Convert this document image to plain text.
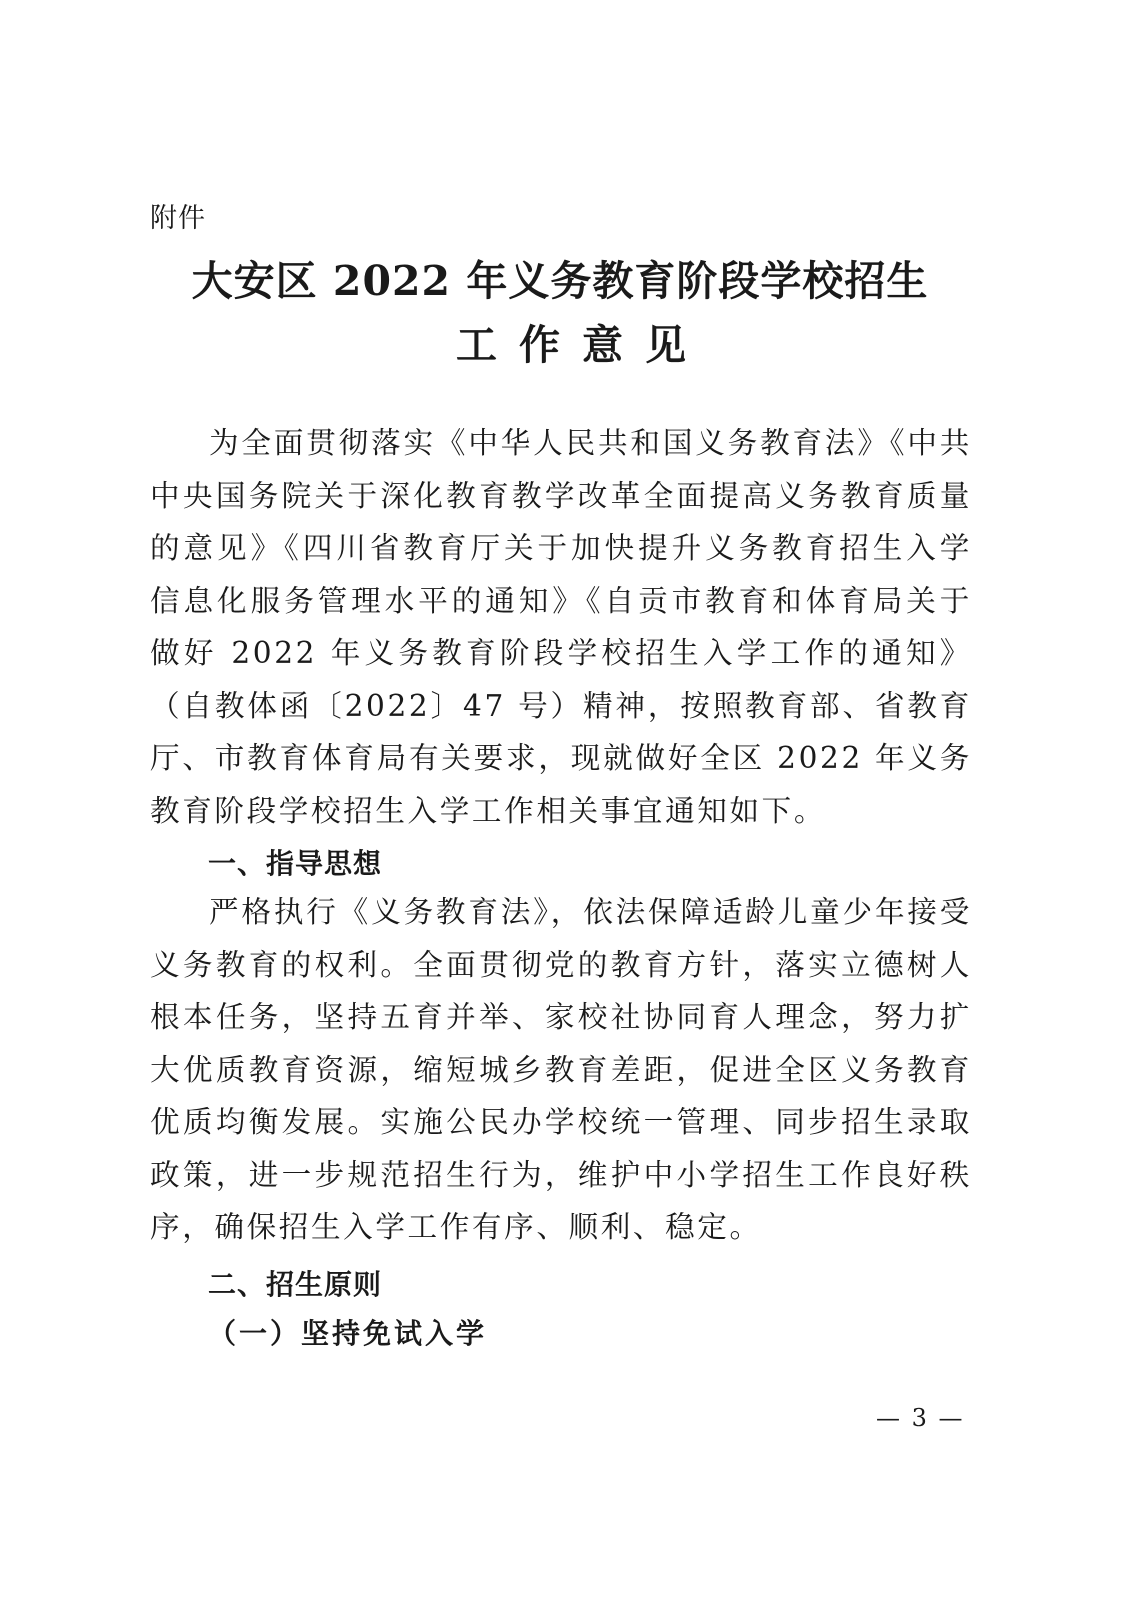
附件
大安区 2022 年义务教育阶段学校招生
工作意见

为全面贯彻落实《中华人民共和国义务教育法》《中共中央国务院关于深化教育教学改革全面提高义务教育质量的意见》《四川省教育厅关于加快提升义务教育招生入学信息化服务管理水平的通知》《自贡市教育和体育局关于做好 2022 年义务教育阶段学校招生入学工作的通知》（自教体函〔2022〕47 号）精神，按照教育部、省教育厅、市教育体育局有关要求，现就做好全区 2022 年义务教育阶段学校招生入学工作相关事宜通知如下。

一、指导思想

严格执行《义务教育法》，依法保障适龄儿童少年接受义务教育的权利。全面贯彻党的教育方针，落实立德树人根本任务，坚持五育并举、家校社协同育人理念，努力扩大优质教育资源，缩短城乡教育差距，促进全区义务教育优质均衡发展。实施公民办学校统一管理、同步招生录取政策，进一步规范招生行为，维护中小学招生工作良好秩序，确保招生入学工作有序、顺利、稳定。

二、招生原则
（一）坚持免试入学
— 3 —
